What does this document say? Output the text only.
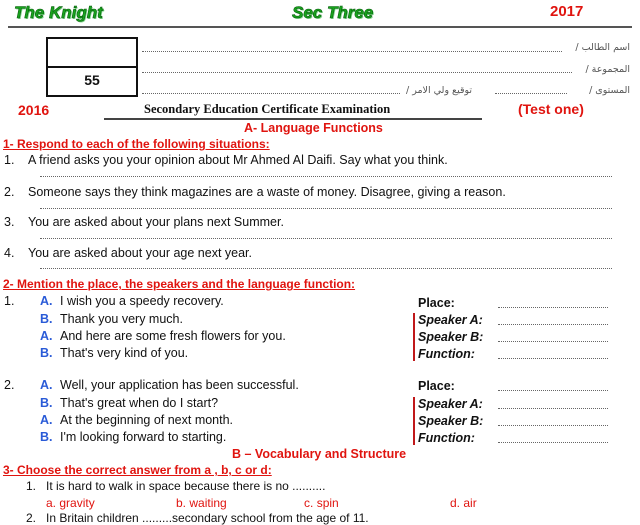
The Knight	Sec Three	2017
55
اسم الطالب /
المجموعة /
المستوى /
توقيع ولي الامر /
2016	Secondary Education Certificate Examination	(Test one)
A- Language Functions
1- Respond to each of the following situations:
1. A friend asks you your opinion about Mr Ahmed Al Daifi. Say what you think.
2. Someone says they think magazines are a waste of money. Disagree, giving a reason.
3. You are asked about your plans next Summer.
4. You are asked about your age next year.
2- Mention the place, the speakers and the language function:
1. A. I wish you a speedy recovery.
B. Thank you very much.
A. And here are some fresh flowers for you.
B. That's very kind of you.
Place:
Speaker A:
Speaker B:
Function:
2. A. Well, your application has been successful.
B. That's great when do I start?
A. At the beginning of next month.
B. I'm looking forward to starting.
Place:
Speaker A:
Speaker B:
Function:
B – Vocabulary and Structure
3- Choose the correct answer from a , b, c or d:
1. It is hard to walk in space because there is no ..........
a. gravity	b. waiting	c. spin	d. air
2. In Britain children .........secondary school from the age of 11.
